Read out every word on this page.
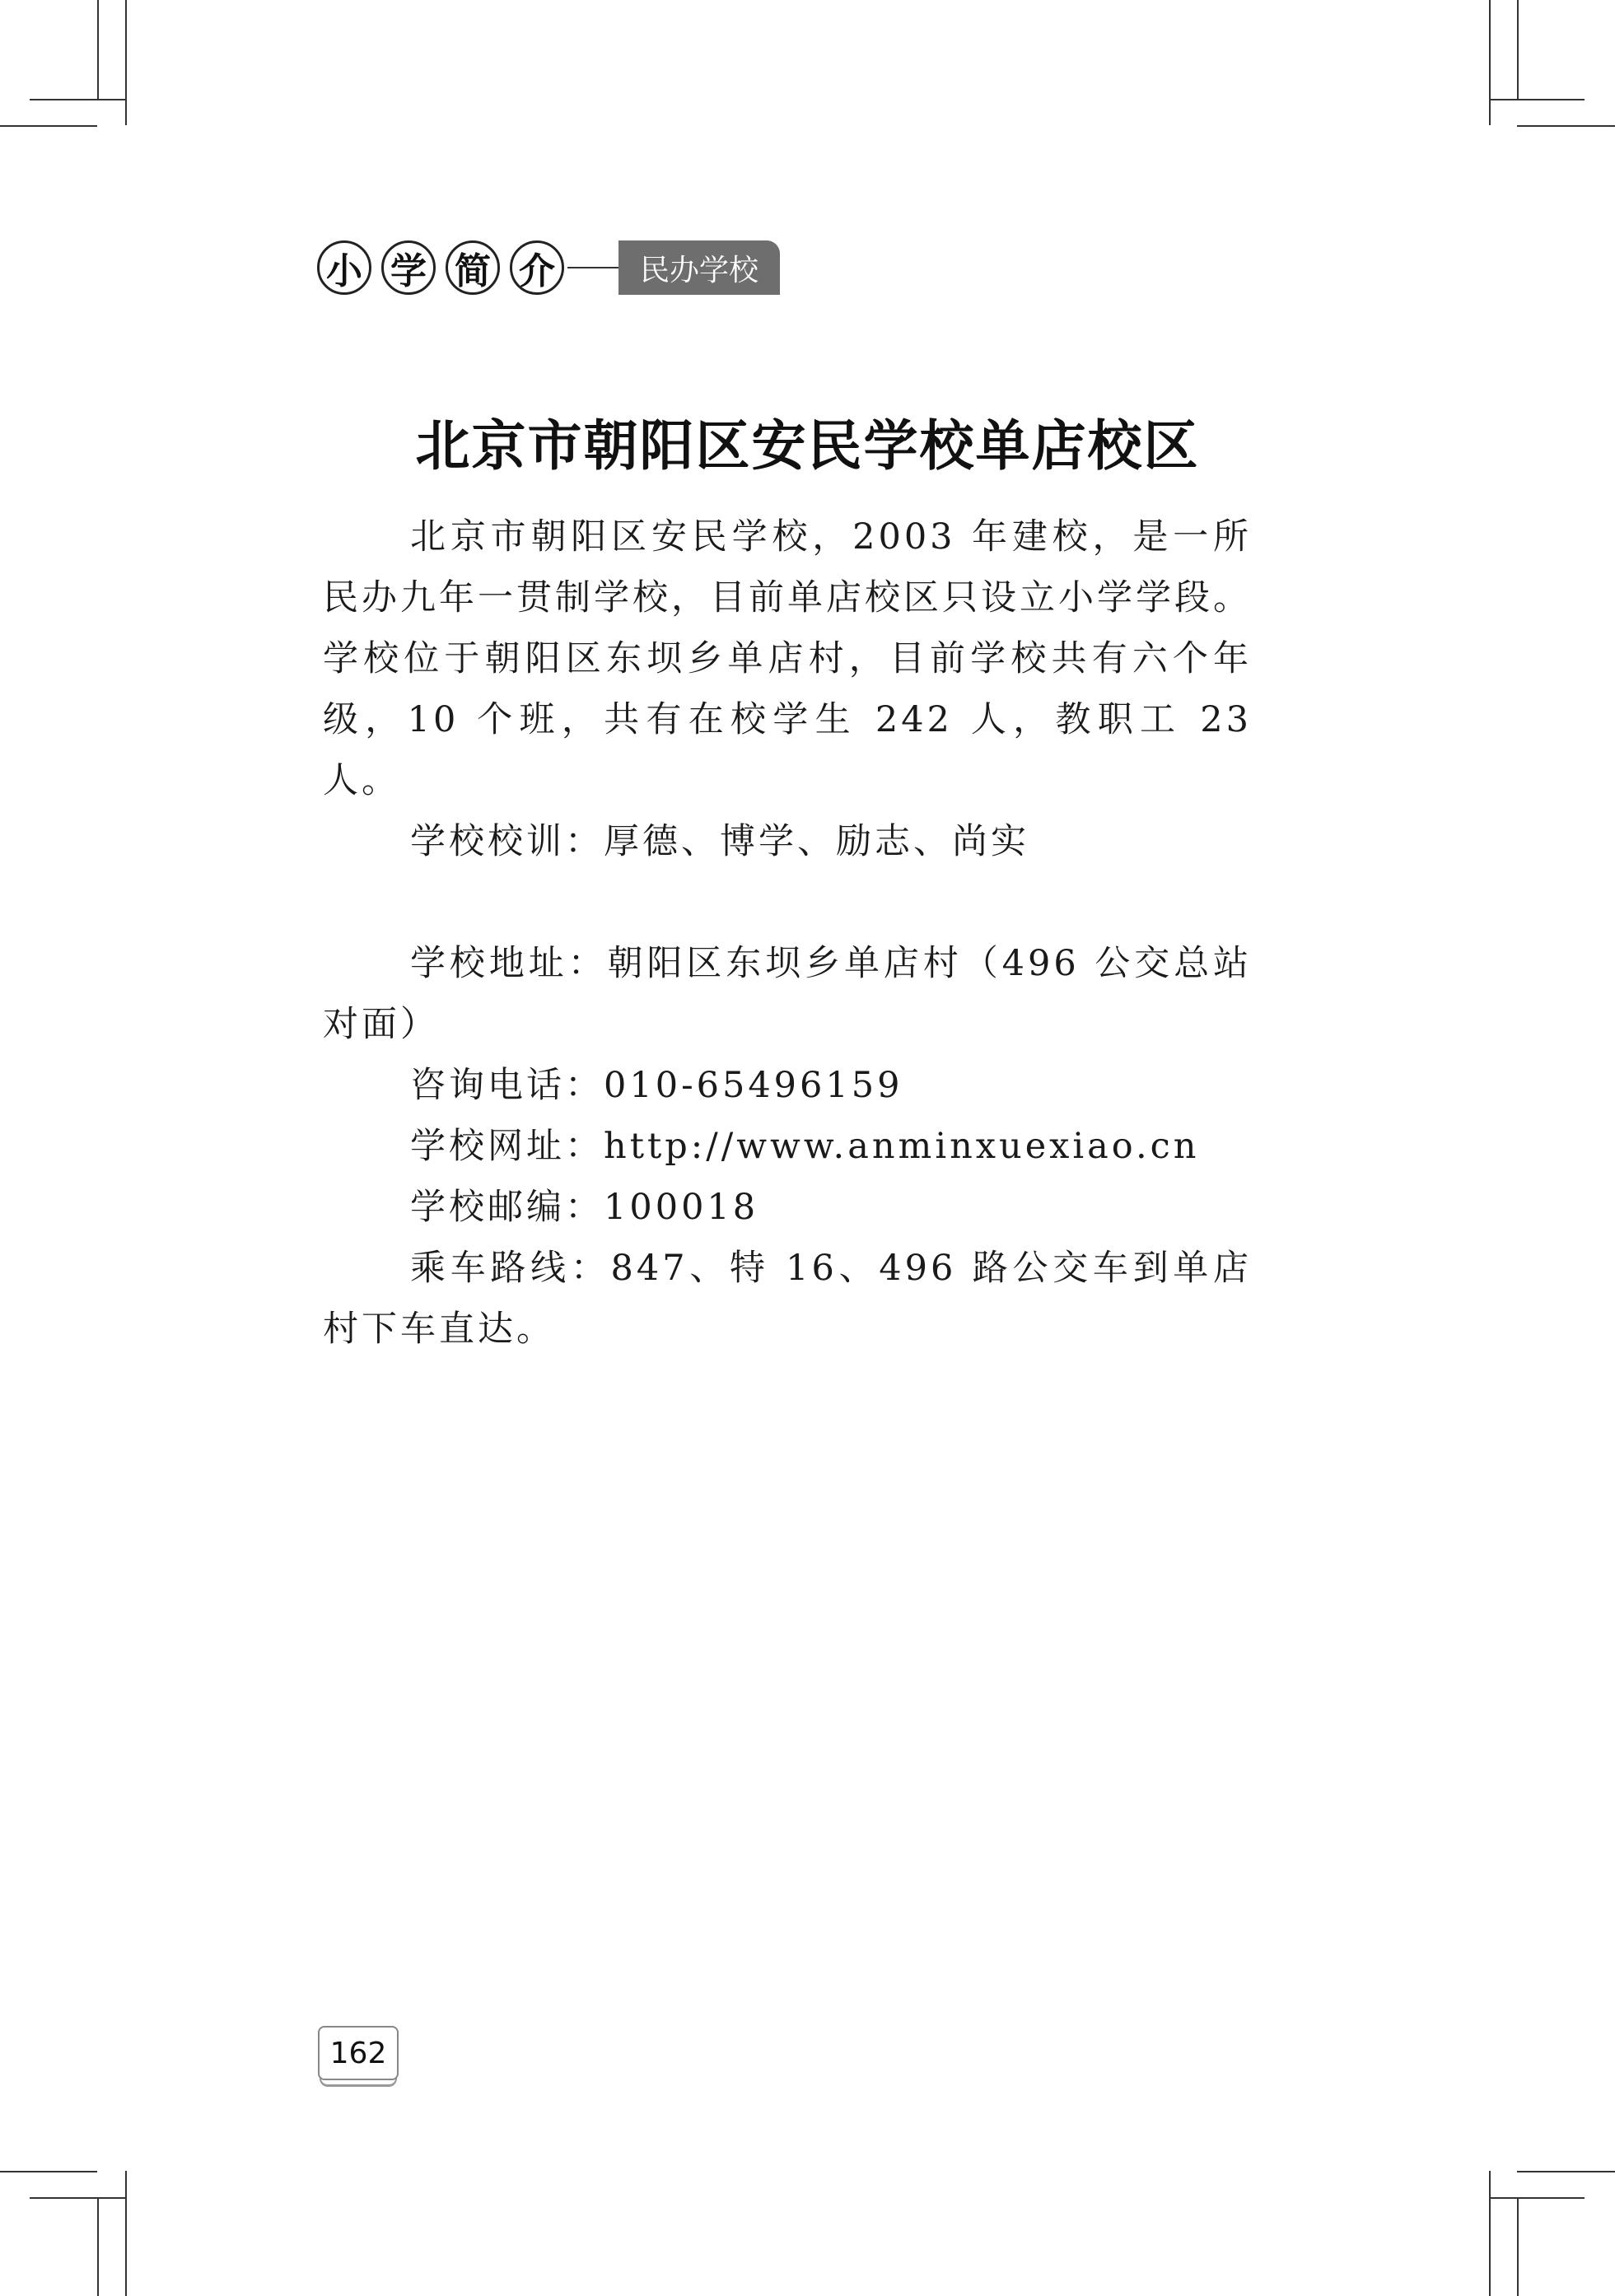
小 学 简 介	民办学校
北京市朝阳区安民学校单店校区

北京市朝阳区安民学校，2003 年建校，是一所民办九年一贯制学校，目前单店校区只设立小学学段。学校位于朝阳区东坝乡单店村，目前学校共有六个年级，10 个班，共有在校学生 242 人，教职工 23 人。

学校校训：厚德、博学、励志、尚实

学校地址：朝阳区东坝乡单店村（496 公交总站对面）

咨询电话：010-65496159

学校网址：http://www.anminxuexiao.cn

学校邮编：100018

乘车路线：847、特 16、496 路公交车到单店村下车直达。

162
